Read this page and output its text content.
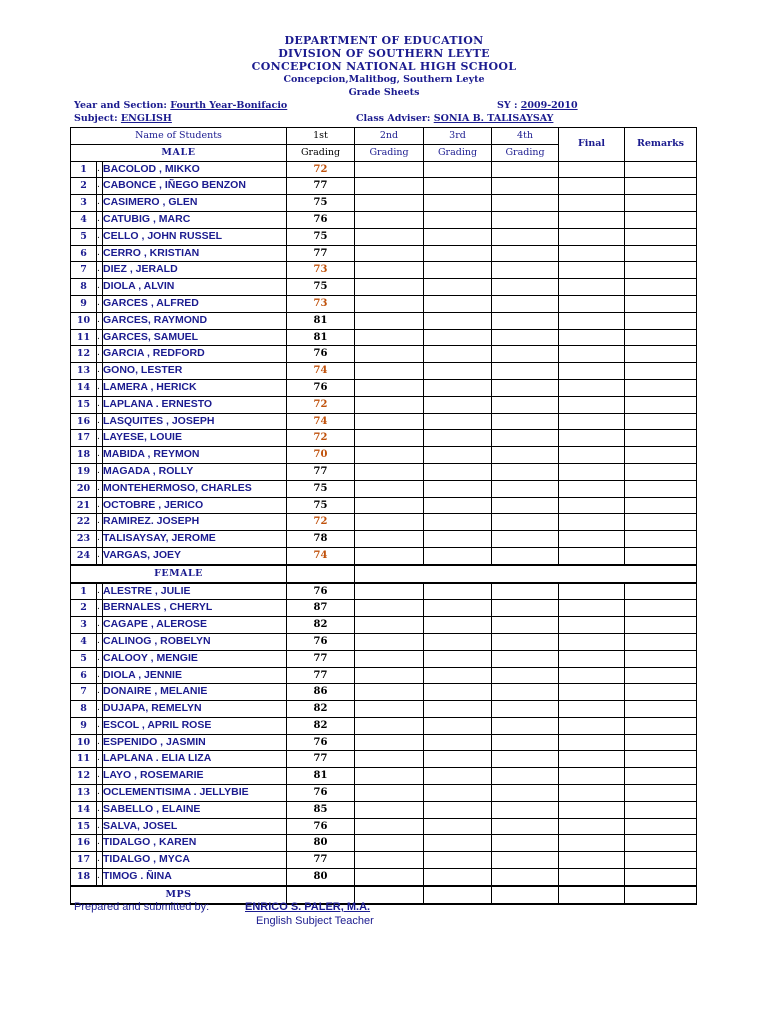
DEPARTMENT OF EDUCATION
DIVISION OF SOUTHERN LEYTE
CONCEPCION NATIONAL HIGH SCHOOL
Concepcion,Malitbog, Southern Leyte
Grade Sheets
Year and Section: Fourth Year-Bonifacio	SY : 2009-2010
Subject: ENGLISH	Class Adviser: SONIA B. TALISAYSAY
Name of Students			1st	2nd	3rd	4th	Final	Remarks
MALE			Grading	Grading	Grading	Grading		
1	.	BACOLOD , MIKKO	72					
2	.	CABONCE , IÑEGO BENZON	77					
3	.	CASIMERO , GLEN	75					
4	.	CATUBIG , MARC	76					
5	.	CELLO , JOHN RUSSEL	75					
6	.	CERRO , KRISTIAN	77					
7	.	DIEZ , JERALD	73					
8	.	DIOLA , ALVIN	75					
9	.	GARCES , ALFRED	73					
10	.	GARCES, RAYMOND	81					
11	.	GARCES, SAMUEL	81					
12	.	GARCIA , REDFORD	76					
13	.	GONO, LESTER	74					
14	.	LAMERA , HERICK	76					
15	.	LAPLANA . ERNESTO	72					
16	.	LASQUITES , JOSEPH	74					
17	.	LAYESE, LOUIE	72					
18	.	MABIDA , REYMON	70					
19	.	MAGADA , ROLLY	77					
20	.	MONTEHERMOSO, CHARLES	75					
21	.	OCTOBRE , JERICO	75					
22	.	RAMIREZ. JOSEPH	72					
23	.	TALISAYSAY, JEROME	78					
24	.	VARGAS, JOEY	74					
FEMALE								
1	.	ALESTRE , JULIE	76					
2	.	BERNALES , CHERYL	87					
3	.	CAGAPE , ALEROSE	82					
4	.	CALINOG , ROBELYN	76					
5	.	CALOOY , MENGIE	77					
6	.	DIOLA , JENNIE	77					
7	.	DONAIRE , MELANIE	86					
8	.	DUJAPA, REMELYN	82					
9	.	ESCOL , APRIL ROSE	82					
10	.	ESPENIDO , JASMIN	76					
11	.	LAPLANA . ELIA LIZA	77					
12	.	LAYO , ROSEMARIE	81					
13	.	OCLEMENTISIMA . JELLYBIE	76					
14	.	SABELLO , ELAINE	85					
15	.	SALVA, JOSEL	76					
16	.	TIDALGO , KAREN	80					
17	.	TIDALGO , MYCA	77					
18	.	TIMOG . ÑINA	80					
MPS								
Prepared and submitted by:	ENRICO S. PALER, M.A.
English Subject Teacher
